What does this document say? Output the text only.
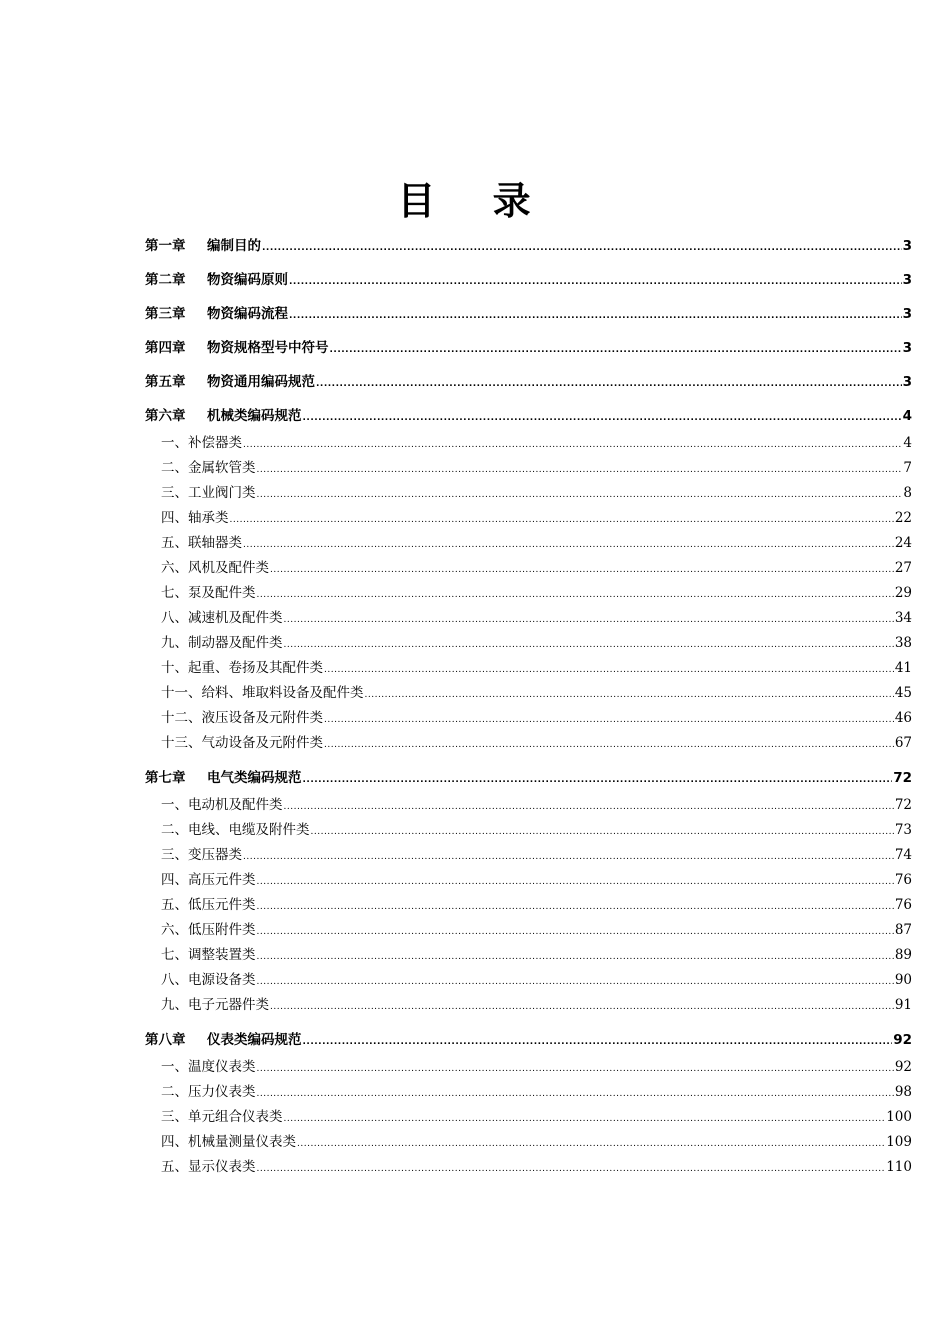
目 录
第一章 编制目的 .....	3
第二章 物资编码原则 .....	3
第三章 物资编码流程 .....	3
第四章 物资规格型号中符号 .....	3
第五章 物资通用编码规范 .....	3
第六章 机械类编码规范 .....	4
一、补偿器类 .....	4
二、金属软管类 .....	7
三、工业阀门类 .....	8
四、轴承类 .....	22
五、联轴器类 .....	24
六、风机及配件类 .....	27
七、泵及配件类 .....	29
八、减速机及配件类 .....	34
九、制动器及配件类 .....	38
十、起重、卷扬及其配件类 .....	41
十一、给料、堆取料设备及配件类 .....	45
十二、液压设备及元附件类 .....	46
十三、气动设备及元附件类 .....	67
第七章 电气类编码规范 .....	72
一、电动机及配件类 .....	72
二、电线、电缆及附件类 .....	73
三、变压器类 .....	74
四、高压元件类 .....	76
五、低压元件类 .....	76
六、低压附件类 .....	87
七、调整装置类 .....	89
八、电源设备类 .....	90
九、电子元器件类 .....	91
第八章 仪表类编码规范 .....	92
一、温度仪表类 .....	92
二、压力仪表类 .....	98
三、单元组合仪表类 .....	100
四、机械量测量仪表类 .....	109
五、显示仪表类 .....	110
